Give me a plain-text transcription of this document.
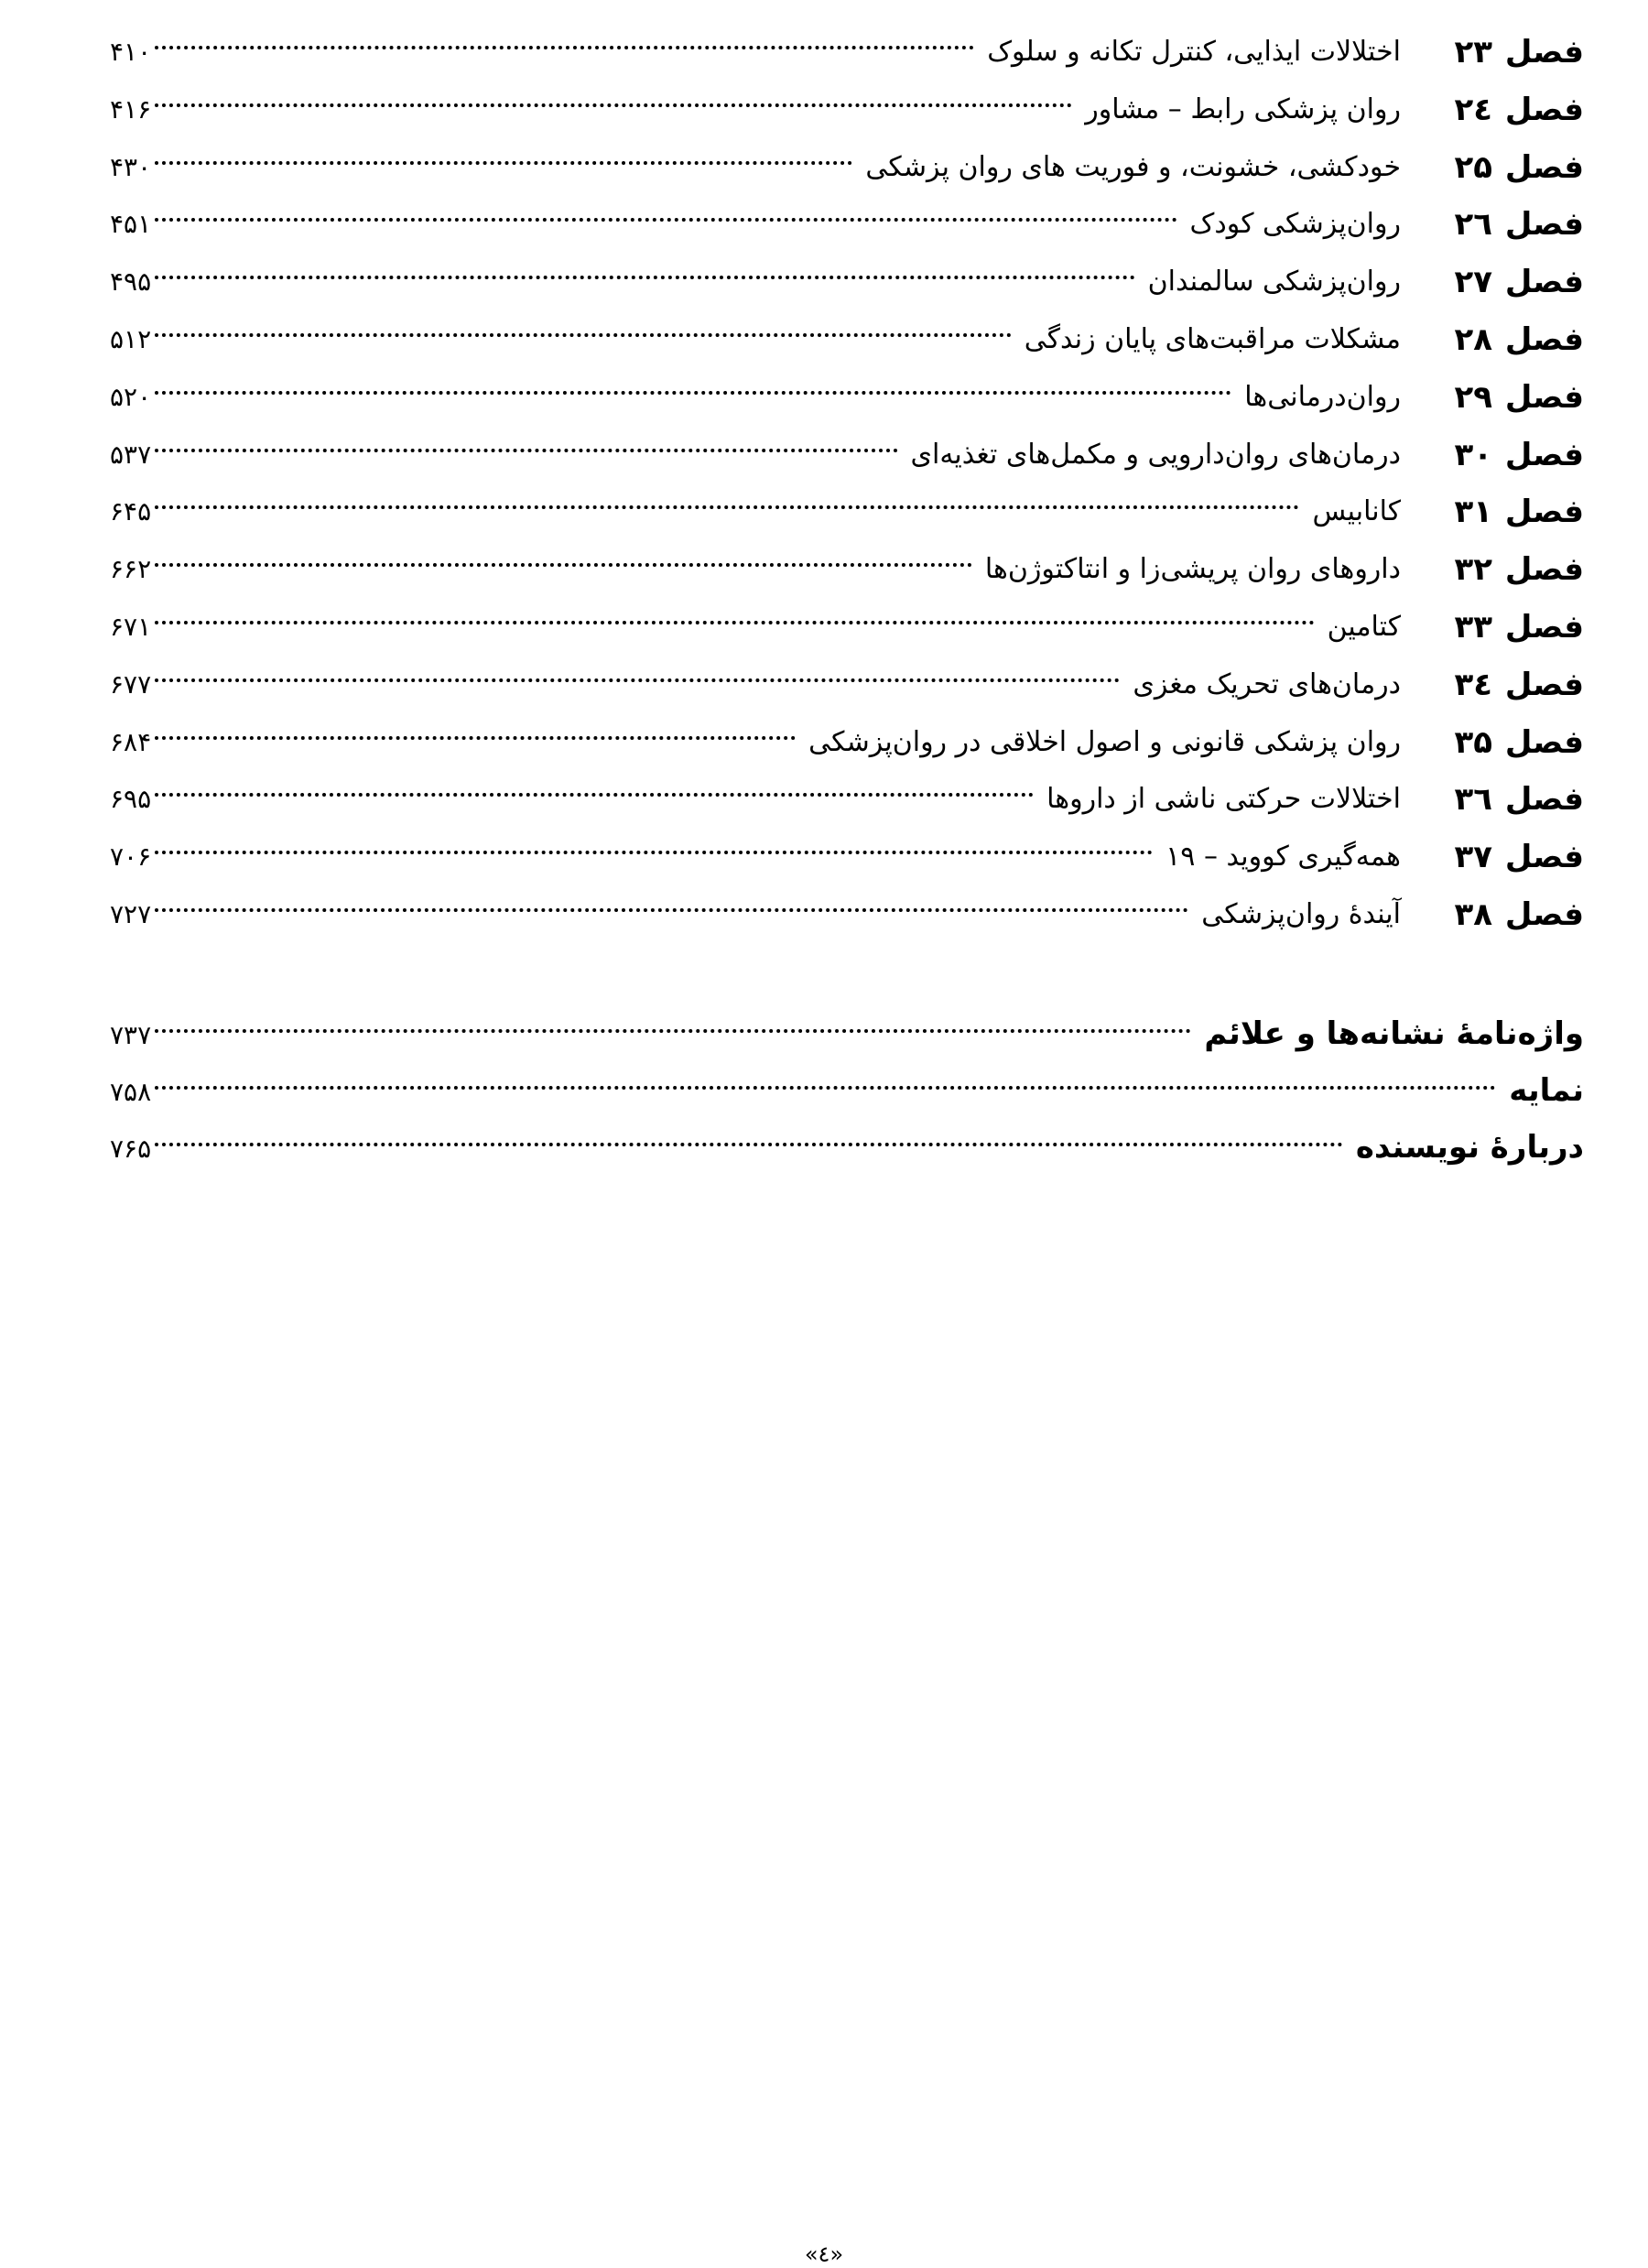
فصل
۲۳
اختلالات ایذایی، کنترل تکانه و سلوک
۴۱۰
فصل
۲٤
روان پزشکی رابط – مشاور
۴۱۶
فصل
۲۵
خودکشی، خشونت، و فوریت های روان پزشکی
۴۳۰
فصل
۲٦
روان‌پزشکی کودک
۴۵۱
فصل
۲۷
روان‌پزشکی سالمندان
۴۹۵
فصل
۲۸
مشکلات مراقبت‌های پایان زندگی
۵۱۲
فصل
۲۹
روان‌درمانی‌ها
۵۲۰
فصل
۳۰
درمان‌های روان‌دارویی و مکمل‌های تغذیه‌ای
۵۳۷
فصل
۳۱
کانابیس
۶۴۵
فصل
۳۲
داروهای روان پریشی‌زا و انتاکتوژن‌ها
۶۶۲
فصل
۳۳
کتامین
۶۷۱
فصل
۳٤
درمان‌های تحریک مغزی
۶۷۷
فصل
۳۵
روان پزشکی قانونی و اصول اخلاقی در روان‌پزشکی
۶۸۴
فصل
۳٦
اختلالات حرکتی ناشی از داروها
۶۹۵
فصل
۳۷
همه‌گیری کووید – ۱۹
۷۰۶
فصل
۳۸
آیندهٔ روان‌پزشکی
۷۲۷
واژه‌نامهٔ نشانه‌ها و علائم
۷۳۷
نمایه
۷۵۸
دربارهٔ نویسنده
۷۶۵
«٤»
